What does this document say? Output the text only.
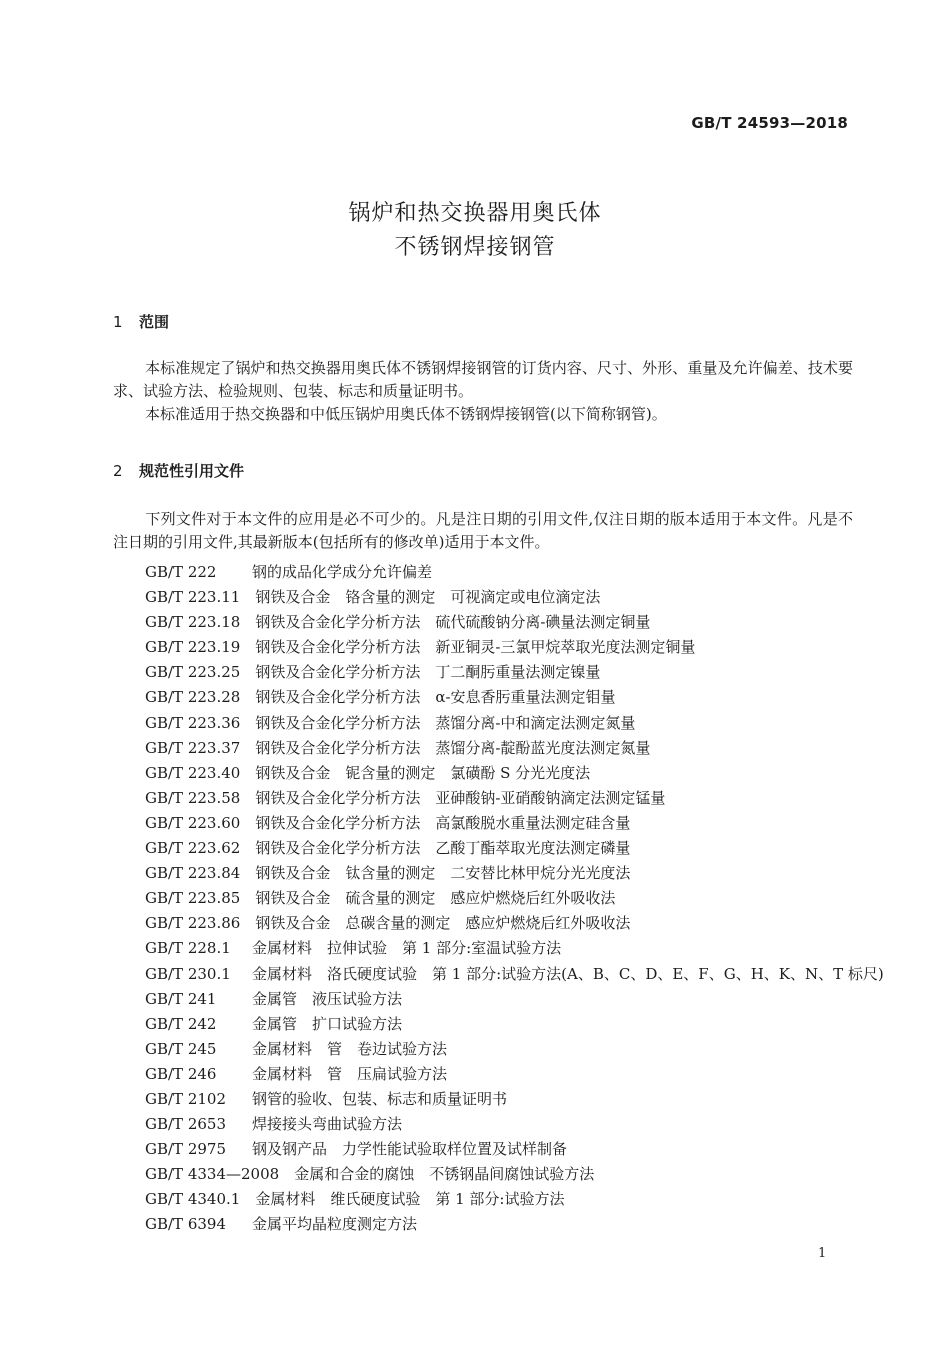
GB/T 24593—2018
锅炉和热交换器用奥氏体
不锈钢焊接钢管
1 范围
本标准规定了锅炉和热交换器用奥氏体不锈钢焊接钢管的订货内容、尺寸、外形、重量及允许偏差、技术要求、试验方法、检验规则、包装、标志和质量证明书。
本标准适用于热交换器和中低压锅炉用奥氏体不锈钢焊接钢管(以下简称钢管)。
2 规范性引用文件
下列文件对于本文件的应用是必不可少的。凡是注日期的引用文件,仅注日期的版本适用于本文件。凡是不注日期的引用文件,其最新版本(包括所有的修改单)适用于本文件。
GB/T 222　 钢的成品化学成分允许偏差
GB/T 223.11　 钢铁及合金　铬含量的测定　可视滴定或电位滴定法
GB/T 223.18　 钢铁及合金化学分析方法　硫代硫酸钠分离-碘量法测定铜量
GB/T 223.19　 钢铁及合金化学分析方法　新亚铜灵-三氯甲烷萃取光度法测定铜量
GB/T 223.25　 钢铁及合金化学分析方法　丁二酮肟重量法测定镍量
GB/T 223.28　 钢铁及合金化学分析方法　α-安息香肟重量法测定钼量
GB/T 223.36　 钢铁及合金化学分析方法　蒸馏分离-中和滴定法测定氮量
GB/T 223.37　 钢铁及合金化学分析方法　蒸馏分离-靛酚蓝光度法测定氮量
GB/T 223.40　 钢铁及合金　铌含量的测定　氯磺酚 S 分光光度法
GB/T 223.58　 钢铁及合金化学分析方法　亚砷酸钠-亚硝酸钠滴定法测定锰量
GB/T 223.60　 钢铁及合金化学分析方法　高氯酸脱水重量法测定硅含量
GB/T 223.62　 钢铁及合金化学分析方法　乙酸丁酯萃取光度法测定磷量
GB/T 223.84　 钢铁及合金　钛含量的测定　二安替比林甲烷分光光度法
GB/T 223.85　 钢铁及合金　硫含量的测定　感应炉燃烧后红外吸收法
GB/T 223.86　 钢铁及合金　总碳含量的测定　感应炉燃烧后红外吸收法
GB/T 228.1　 金属材料　拉伸试验　第 1 部分:室温试验方法
GB/T 230.1　 金属材料　洛氏硬度试验　第 1 部分:试验方法(A、B、C、D、E、F、G、H、K、N、T 标尺)
GB/T 241　 金属管　液压试验方法
GB/T 242　 金属管　扩口试验方法
GB/T 245　 金属材料　管　卷边试验方法
GB/T 246　 金属材料　管　压扁试验方法
GB/T 2102　 钢管的验收、包装、标志和质量证明书
GB/T 2653　 焊接接头弯曲试验方法
GB/T 2975　 钢及钢产品　力学性能试验取样位置及试样制备
GB/T 4334—2008　 金属和合金的腐蚀　不锈钢晶间腐蚀试验方法
GB/T 4340.1　 金属材料　维氏硬度试验　第 1 部分:试验方法
GB/T 6394　 金属平均晶粒度测定方法
1
